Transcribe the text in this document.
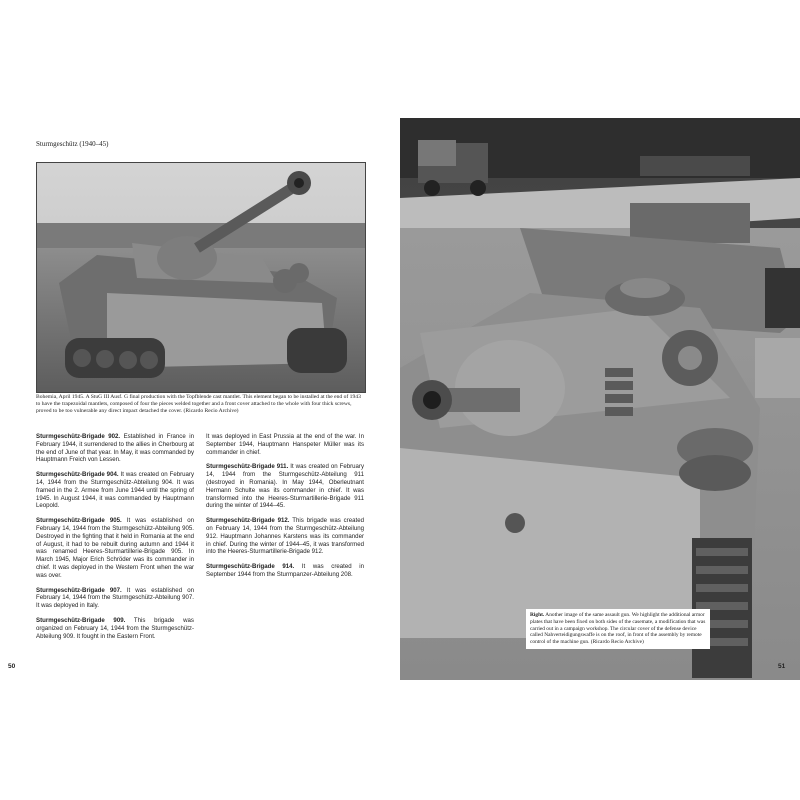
Sturmgeschütz (1940–45)
Bohemia, April 1945. A StuG III Ausf. G final production with the Topfblende cast mantlet. This element began to be installed at the end of 1943 to have the trapezoidal mantlets, composed of four the pieces welded together and a front cover attached to the whole with four thick screws, proved to be too vulnerable any direct impact detached the cover. (Ricardo Recio Archive)

Sturmgeschütz-Brigade 902. Established in France in February 1944, it surrendered to the allies in Cherbourg at the end of June of that year. In May, it was commanded by Hauptmann Freich von Lessen.

Sturmgeschütz-Brigade 904. It was created on February 14, 1944 from the Sturmgeschütz-Abteilung 904. It was framed in the 2. Armee from June 1944 until the spring of 1945. In August 1944, it was commanded by Hauptmann Leopold.

Sturmgeschütz-Brigade 905. It was established on February 14, 1944 from the Sturmgeschütz-Abteilung 905. Destroyed in the fighting that it held in Romania at the end of August, it had to be rebuilt during autumn and 1944 it was renamed Heeres-Sturmartillerie-Brigade 905. In March 1945, Major Erich Schröder was its commander in chief. It was deployed in the Western Front when the war was over.

Sturmgeschütz-Brigade 907. It was established on February 14, 1944 from the Sturmgeschütz-Abteilung 907. It was deployed in Italy.

Sturmgeschütz-Brigade 909. This brigade was organized on February 14, 1944 from the Sturmgeschütz-Abteilung 909. It fought in the Eastern Front.

It was deployed in East Prussia at the end of the war. In September 1944, Hauptmann Hanspeter Müller was its commander in chief.

Sturmgeschütz-Brigade 911. It was created on February 14, 1944 from the Sturmgeschütz-Abteilung 911 (destroyed in Romania). In May 1944, Oberleutnant Hermann Schulte was its commander in chief. It was transformed into the Heeres-Sturmartillerie-Brigade 911 during the winter of 1944–45.

Sturmgeschütz-Brigade 912. This brigade was created on February 14, 1944 from the Sturmgeschütz-Abteilung 912. Hauptmann Johannes Karstens was its commander in chief. During the winter of 1944–45, it was transformed into the Heeres-Sturmartillerie-Brigade 912.

Sturmgeschütz-Brigade 914. It was created in September 1944 from the Sturmpanzer-Abteilung 208.

50
Right. Another image of the same assault gun. We highlight the additional armor plates that have been fixed on both sides of the casemate, a modification that was carried out in a campaign workshop. The circular cover of the defense device called Nahverteidigungswaffe is on the roof, in front of the assembly by remote control of the machine gun. (Ricardo Recio Archive)
51
